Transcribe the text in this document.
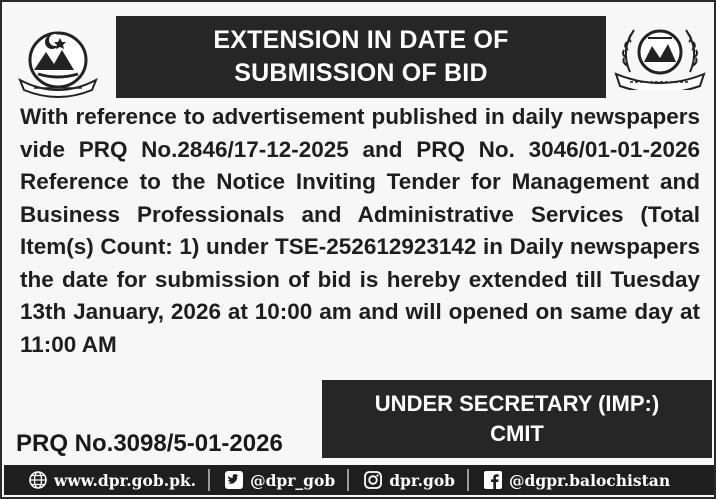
EXTENSION IN DATE OF SUBMISSION OF BID
With reference to advertisement published in daily newspapers vide PRQ No.2846/17-12-2025 and PRQ No. 3046/01-01-2026 Reference to the Notice Inviting Tender for Management and Business Professionals and Administrative Services (Total Item(s) Count: 1) under TSE-252612923142 in Daily newspapers the date for submission of bid is hereby extended till Tuesday 13th January, 2026 at 10:00 am and will opened on same day at 11:00 AM
UNDER SECRETARY (IMP:)
CMIT
PRQ No.3098/5-01-2026
www.dpr.gob.pk.	@dpr_gob	dpr.gob	@dgpr.balochistan
